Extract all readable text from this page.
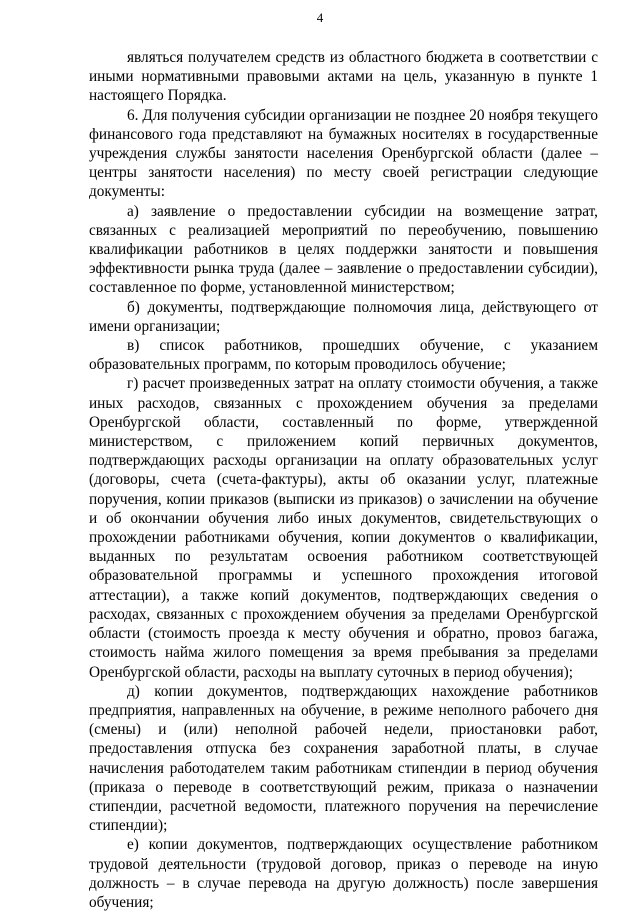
4

являться получателем средств из областного бюджета в соответствии с иными нормативными правовыми актами на цель, указанную в пункте 1 настоящего Порядка.

6. Для получения субсидии организации не позднее 20 ноября текущего финансового года представляют на бумажных носителях в государственные учреждения службы занятости населения Оренбургской области (далее – центры занятости населения) по месту своей регистрации следующие документы:

а) заявление о предоставлении субсидии на возмещение затрат, связанных с реализацией мероприятий по переобучению, повышению квалификации работников в целях поддержки занятости и повышения эффективности рынка труда (далее – заявление о предоставлении субсидии), составленное по форме, установленной министерством;

б) документы, подтверждающие полномочия лица, действующего от имени организации;

в) список работников, прошедших обучение, с указанием образовательных программ, по которым проводилось обучение;

г) расчет произведенных затрат на оплату стоимости обучения, а также иных расходов, связанных с прохождением обучения за пределами Оренбургской области, составленный по форме, утвержденной министерством, с приложением копий первичных документов, подтверждающих расходы организации на оплату образовательных услуг (договоры, счета (счета-фактуры), акты об оказании услуг, платежные поручения, копии приказов (выписки из приказов) о зачислении на обучение и об окончании обучения либо иных документов, свидетельствующих о прохождении работниками обучения, копии документов о квалификации, выданных по результатам освоения работником соответствующей образовательной программы и успешного прохождения итоговой аттестации), а также копий документов, подтверждающих сведения о расходах, связанных с прохождением обучения за пределами Оренбургской области (стоимость проезда к месту обучения и обратно, провоз багажа, стоимость найма жилого помещения за время пребывания за пределами Оренбургской области, расходы на выплату суточных в период обучения);

д) копии документов, подтверждающих нахождение работников предприятия, направленных на обучение, в режиме неполного рабочего дня (смены) и (или) неполной рабочей недели, приостановки работ, предоставления отпуска без сохранения заработной платы, в случае начисления работодателем таким работникам стипендии в период обучения (приказа о переводе в соответствующий режим, приказа о назначении стипендии, расчетной ведомости, платежного поручения на перечисление стипендии);

е) копии документов, подтверждающих осуществление работником трудовой деятельности (трудовой договор, приказ о переводе на иную должность – в случае перевода на другую должность) после завершения обучения;
